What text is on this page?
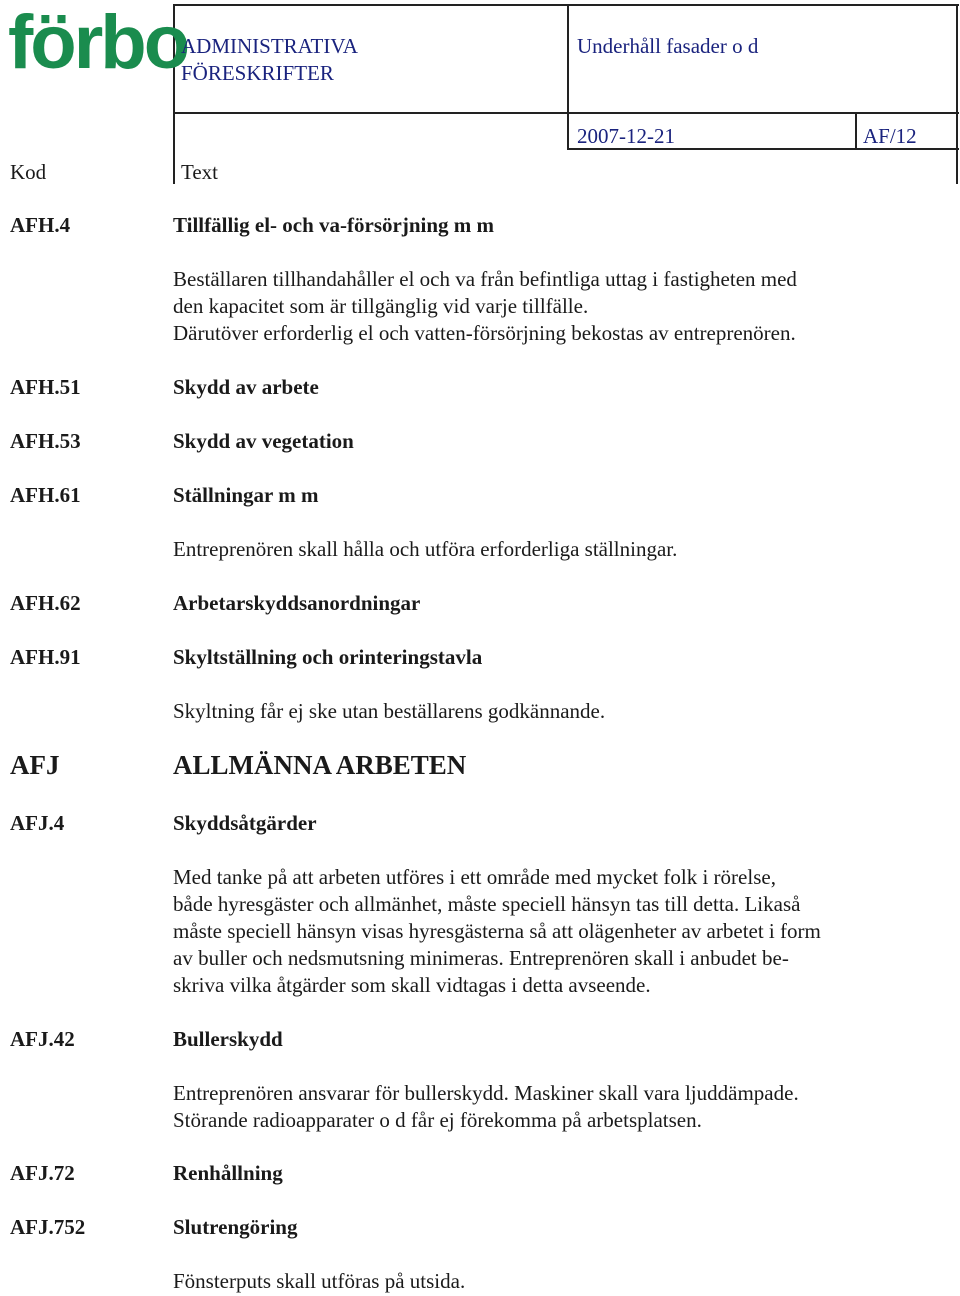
förbo
ADMINISTRATIVA
FÖRESKRIFTER
Underhåll fasader o d
2007-12-21	AF/12
Kod	Text
AFH.4	Tillfällig el- och va-försörjning m m
Beställaren tillhandahåller el och va från befintliga uttag i fastigheten med
den kapacitet som är tillgänglig vid varje tillfälle.
Därutöver erforderlig el och vatten-försörjning bekostas av entreprenören.
AFH.51	Skydd av arbete
AFH.53	Skydd av vegetation
AFH.61	Ställningar m m
Entreprenören skall hålla och utföra erforderliga ställningar.
AFH.62	Arbetarskyddsanordningar
AFH.91	Skyltställning och orinteringstavla
Skyltning får ej ske utan beställarens godkännande.
AFJ	ALLMÄNNA ARBETEN
AFJ.4	Skyddsåtgärder
Med tanke på att arbeten utföres i ett område med mycket folk i rörelse,
både hyresgäster och allmänhet, måste speciell hänsyn tas till detta. Likaså
måste speciell hänsyn visas hyresgästerna så att olägenheter av arbetet i form
av buller och nedsmutsning minimeras. Entreprenören skall i anbudet be-
skriva vilka åtgärder som skall vidtagas i detta avseende.
AFJ.42	Bullerskydd
Entreprenören ansvarar för bullerskydd. Maskiner skall vara ljuddämpade.
Störande radioapparater o d får ej förekomma på arbetsplatsen.
AFJ.72	Renhållning
AFJ.752	Slutrengöring
Fönsterputs skall utföras på utsida.
